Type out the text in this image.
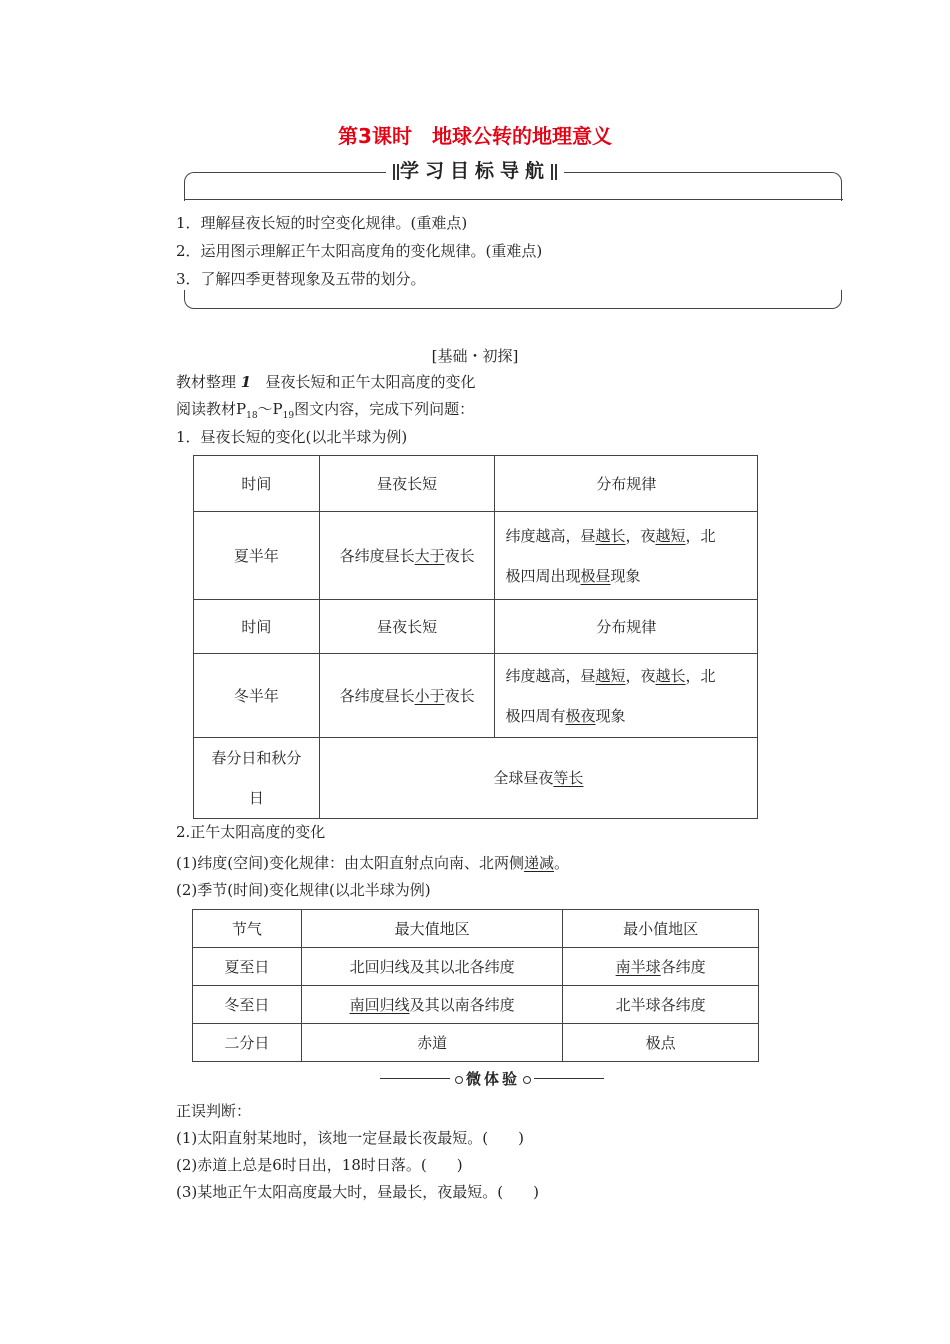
第3课时　地球公转的地理意义
学习目标导航
1．理解昼夜长短的时空变化规律。(重难点)
2．运用图示理解正午太阳高度角的变化规律。(重难点)
3．了解四季更替现象及五带的划分。
[基础・初探]
教材整理 1 昼夜长短和正午太阳高度的变化
阅读教材$P_{18}\sim P_{19}$图文内容，完成下列问题：
1．昼夜长短的变化(以北半球为例)
时间	昼夜长短	分布规律
夏半年	各纬度昼长大于夜长	纬度越高，昼越长，夜越短，北
极四周出现极昼现象
时间	昼夜长短	分布规律
冬半年	各纬度昼长小于夜长	纬度越高，昼越短，夜越长，北
极四周有极夜现象
春分日和秋分
日	全球昼夜等长	
2.正午太阳高度的变化
(1)纬度(空间)变化规律：由太阳直射点向南、北两侧递减。
(2)季节(时间)变化规律(以北半球为例)
节气	最大值地区	最小值地区
夏至日	北回归线及其以北各纬度	南半球各纬度
冬至日	南回归线及其以南各纬度	北半球各纬度
二分日	赤道	极点
微体验
正误判断：
(1)太阳直射某地时，该地一定昼最长夜最短。(　　)
(2)赤道上总是6时日出，18时日落。(　　)
(3)某地正午太阳高度最大时，昼最长，夜最短。(　　)
